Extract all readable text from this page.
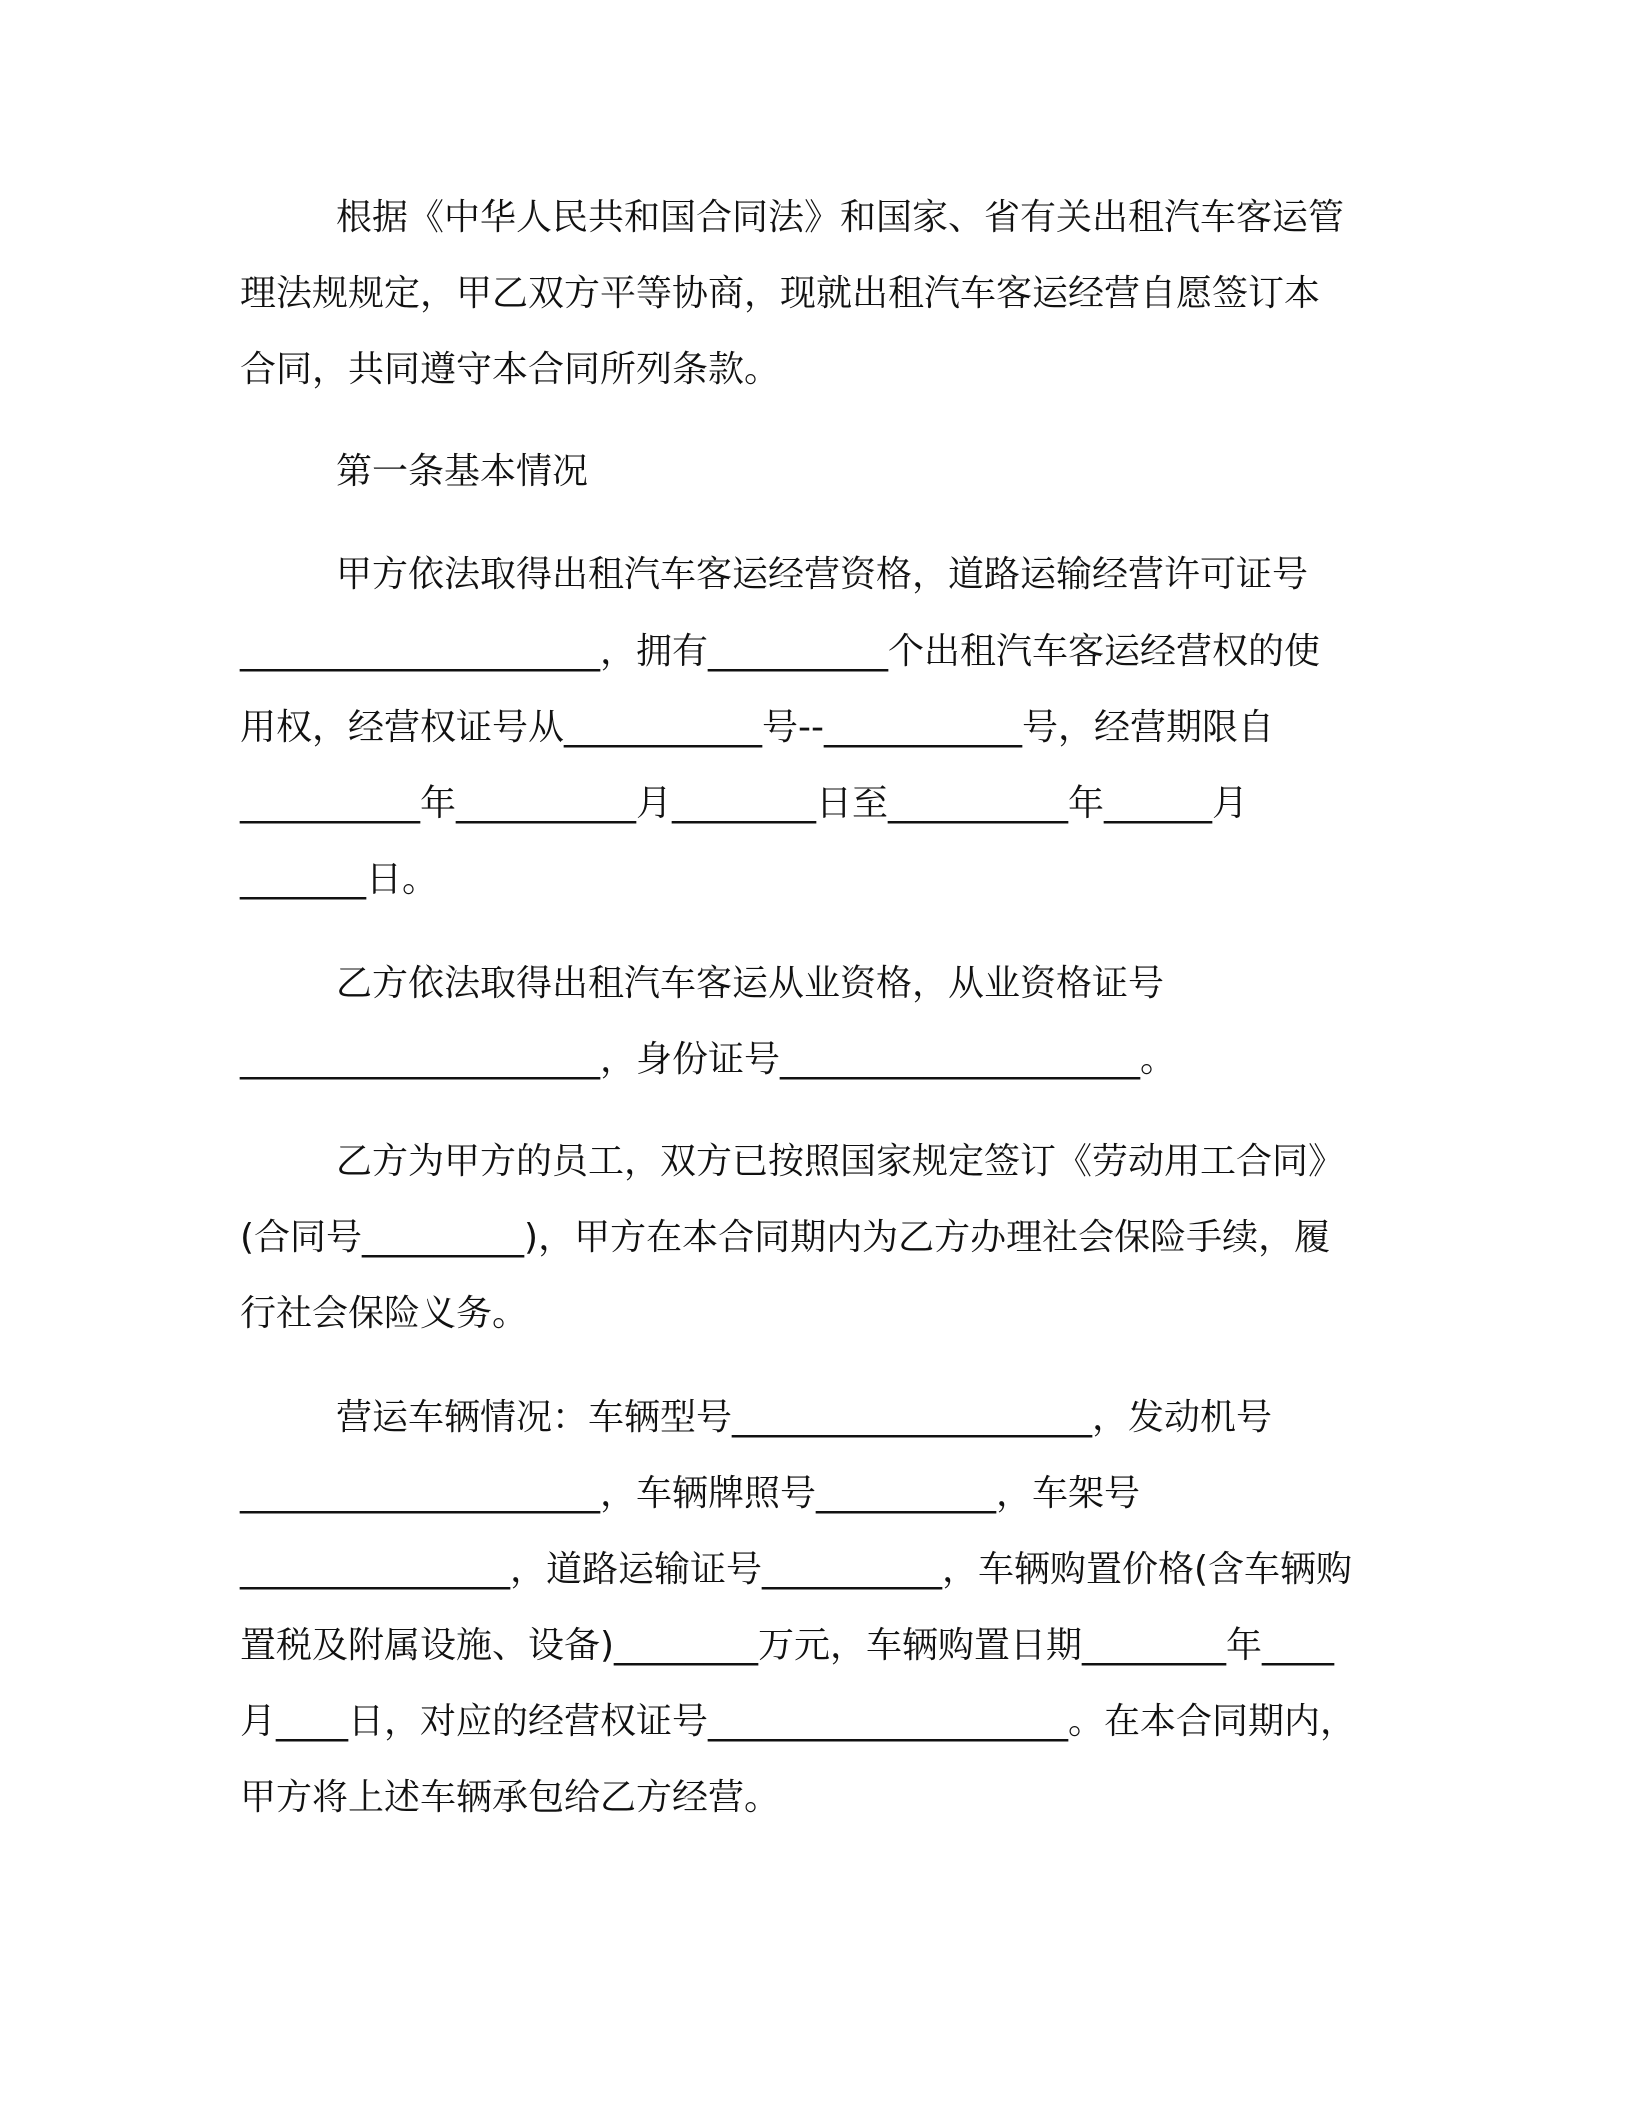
根据《中华人民共和国合同法》和国家、省有关出租汽车客运管
理法规规定，甲乙双方平等协商，现就出租汽车客运经营自愿签订本
合同，共同遵守本合同所列条款。
第一条基本情况
甲方依法取得出租汽车客运经营资格，道路运输经营许可证号
____________________，拥有__________个出租汽车客运经营权的使
用权，经营权证号从___________号--___________号，经营期限自
__________年__________月________日至__________年______月
_______日。
乙方依法取得出租汽车客运从业资格，从业资格证号
____________________，身份证号____________________。
乙方为甲方的员工，双方已按照国家规定签订《劳动用工合同》
(合同号_________)，甲方在本合同期内为乙方办理社会保险手续，履
行社会保险义务。
营运车辆情况：车辆型号____________________，发动机号
____________________，车辆牌照号__________，车架号
_______________，道路运输证号__________，车辆购置价格(含车辆购
置税及附属设施、设备)________万元，车辆购置日期________年____
月____日，对应的经营权证号____________________。在本合同期内，
甲方将上述车辆承包给乙方经营。
